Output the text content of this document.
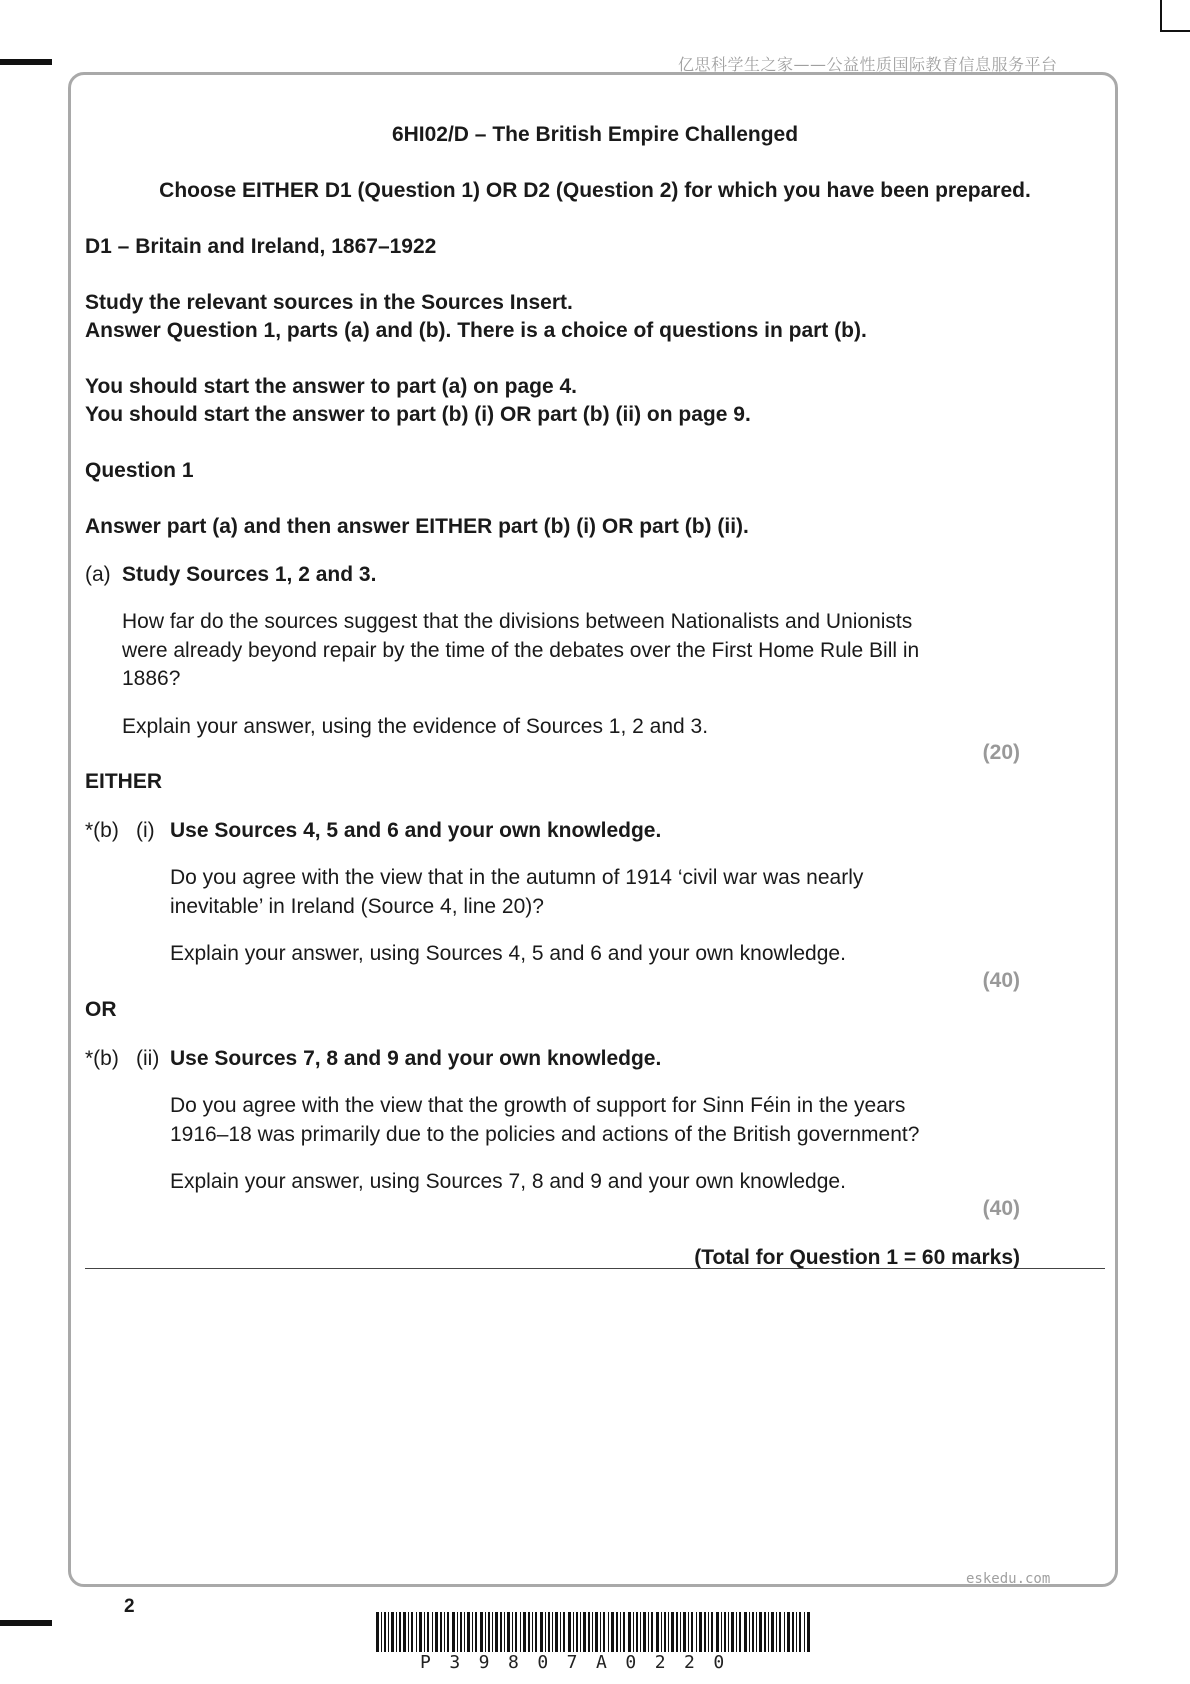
亿思科学生之家——公益性质国际教育信息服务平台
6HI02/D – The British Empire Challenged
Choose EITHER D1 (Question 1) OR D2 (Question 2) for which you have been prepared.
D1 – Britain and Ireland, 1867–1922
Study the relevant sources in the Sources Insert.
Answer Question 1, parts (a) and (b). There is a choice of questions in part (b).
You should start the answer to part (a) on page 4.
You should start the answer to part (b) (i) OR part (b) (ii) on page 9.
Question 1
Answer part (a) and then answer EITHER part (b) (i) OR part (b) (ii).
(a) Study Sources 1, 2 and 3.
How far do the sources suggest that the divisions between Nationalists and Unionists
were already beyond repair by the time of the debates over the First Home Rule Bill in
1886?
Explain your answer, using the evidence of Sources 1, 2 and 3.
(20)
EITHER
*(b) (i) Use Sources 4, 5 and 6 and your own knowledge.
Do you agree with the view that in the autumn of 1914 ‘civil war was nearly
inevitable’ in Ireland (Source 4, line 20)?
Explain your answer, using Sources 4, 5 and 6 and your own knowledge.
(40)
OR
*(b) (ii) Use Sources 7, 8 and 9 and your own knowledge.
Do you agree with the view that the growth of support for Sinn Féin in the years
1916–18 was primarily due to the policies and actions of the British government?
Explain your answer, using Sources 7, 8 and 9 and your own knowledge.
(40)
(Total for Question 1 = 60 marks)
eskedu.com
2
P39807A0220
